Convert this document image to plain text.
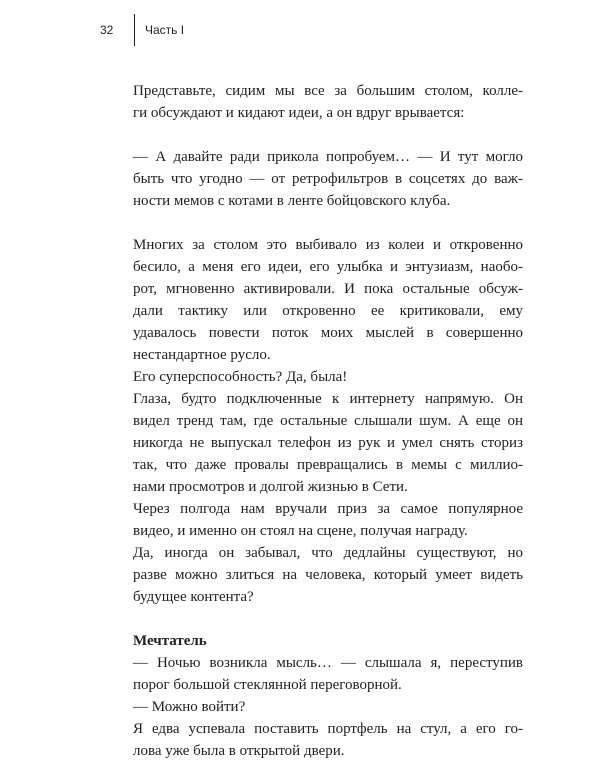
32	Часть I

Представьте, сидим мы все за большим столом, колле-
ги обсуждают и кидают идеи, а он вдруг врывается:

— А давайте ради прикола попробуем… — И тут могло
быть что угодно — от ретрофильтров в соцсетях до важ-
ности мемов с котами в ленте бойцовского клуба.

Многих за столом это выбивало из колеи и откровенно
бесило, а меня его идеи, его улыбка и энтузиазм, наобо-
рот, мгновенно активировали. И пока остальные обсуж-
дали тактику или откровенно ее критиковали, ему
удавалось повести поток моих мыслей в совершенно
нестандартное русло.

Его суперспособность? Да, была!

Глаза, будто подключенные к интернету напрямую. Он
видел тренд там, где остальные слышали шум. А еще он
никогда не выпускал телефон из рук и умел снять сториз
так, что даже провалы превращались в мемы с миллио-
нами просмотров и долгой жизнью в Сети.

Через полгода нам вручали приз за самое популярное
видео, и именно он стоял на сцене, получая награду.

Да, иногда он забывал, что дедлайны существуют, но
разве можно злиться на человека, который умеет видеть
будущее контента?

Мечтатель

— Ночью возникла мысль… — слышала я, переступив
порог большой стеклянной переговорной.

— Можно войти?

Я едва успевала поставить портфель на стул, а его го-
лова уже была в открытой двери.
